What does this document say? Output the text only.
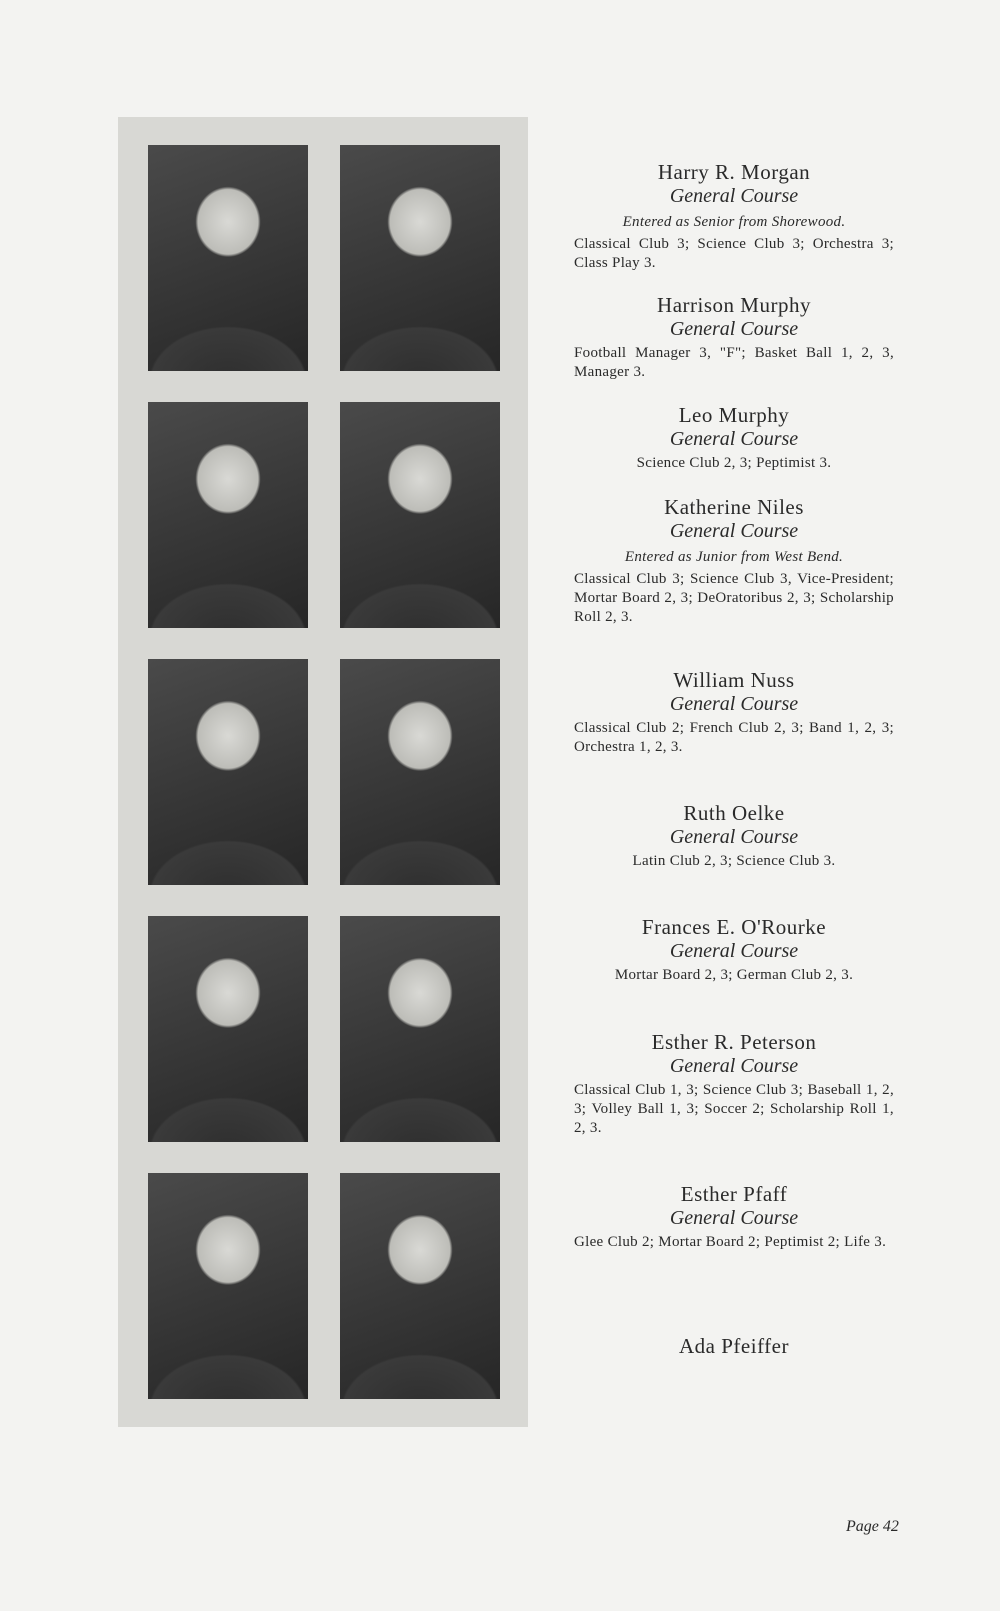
Harry R. Morgan
General Course
Entered as Senior from Shorewood.
Classical Club 3; Science Club 3; Orchestra 3; Class Play 3.
Harrison Murphy
General Course
Football Manager 3, "F"; Basket Ball 1, 2, 3, Manager 3.
Leo Murphy
General Course
Science Club 2, 3; Peptimist 3.
Katherine Niles
General Course
Entered as Junior from West Bend.
Classical Club 3; Science Club 3, Vice-President; Mortar Board 2, 3; DeOratoribus 2, 3; Scholarship Roll 2, 3.
William Nuss
General Course
Classical Club 2; French Club 2, 3; Band 1, 2, 3; Orchestra 1, 2, 3.
Ruth Oelke
General Course
Latin Club 2, 3; Science Club 3.
Frances E. O'Rourke
General Course
Mortar Board 2, 3; German Club 2, 3.
Esther R. Peterson
General Course
Classical Club 1, 3; Science Club 3; Baseball 1, 2, 3; Volley Ball 1, 3; Soccer 2; Scholarship Roll 1, 2, 3.
Esther Pfaff
General Course
Glee Club 2; Mortar Board 2; Peptimist 2; Life 3.
Ada Pfeiffer
Page 42
